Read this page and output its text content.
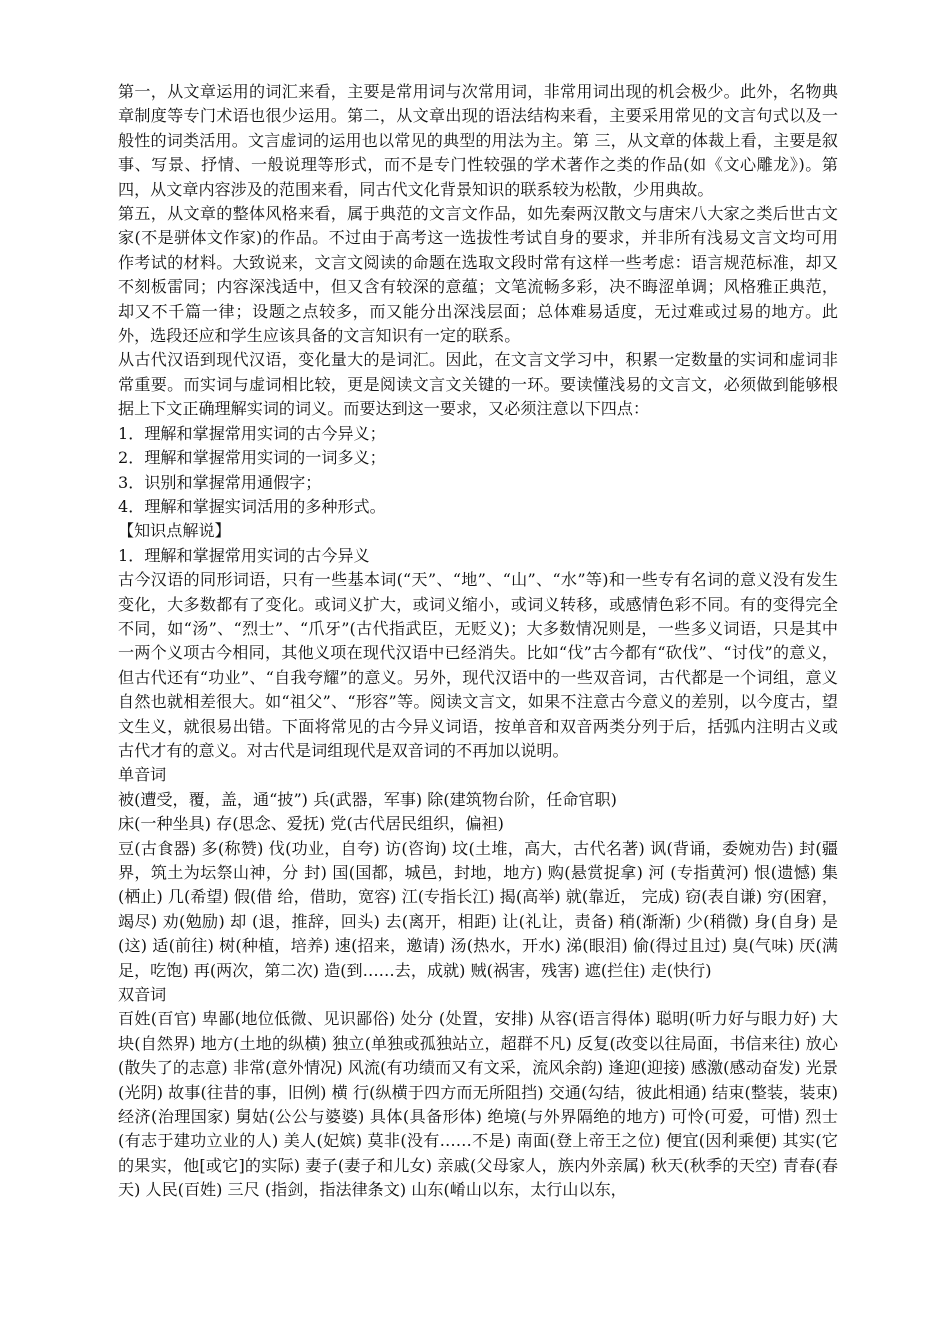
第一，从文章运用的词汇来看，主要是常用词与次常用词，非常用词出现的机会极少。此外，名物典章制度等专门术语也很少运用。第二，从文章出现的语法结构来看，主要采用常见的文言句式以及一般性的词类活用。文言虚词的运用也以常见的典型的用法为主。第 三，从文章的体裁上看，主要是叙事、写景、抒情、一般说理等形式，而不是专门性较强的学术著作之类的作品(如《文心雕龙》)。第四，从文章内容涉及的范围来看，同古代文化背景知识的联系较为松散，少用典故。

第五，从文章的整体风格来看，属于典范的文言文作品，如先秦两汉散文与唐宋八大家之类后世古文家(不是骈体文作家)的作品。不过由于高考这一选拔性考试自身的要求，并非所有浅易文言文均可用作考试的材料。大致说来，文言文阅读的命题在选取文段时常有这样一些考虑：语言规范标准，却又不刻板雷同；内容深浅适中，但又含有较深的意蕴；文笔流畅多彩，决不晦涩单调；风格雅正典范，却又不千篇一律；设题之点较多，而又能分出深浅层面；总体难易适度，无过难或过易的地方。此外，选段还应和学生应该具备的文言知识有一定的联系。

从古代汉语到现代汉语，变化量大的是词汇。因此，在文言文学习中，积累一定数量的实词和虚词非常重要。而实词与虚词相比较，更是阅读文言文关键的一环。要读懂浅易的文言文，必须做到能够根据上下文正确理解实词的词义。而要达到这一要求，又必须注意以下四点：

1．理解和掌握常用实词的古今异义；

2．理解和掌握常用实词的一词多义；

3．识别和掌握常用通假字；

4．理解和掌握实词活用的多种形式。

【知识点解说】

1．理解和掌握常用实词的古今异义

古今汉语的同形词语，只有一些基本词(“天”、“地”、“山”、“水”等)和一些专有名词的意义没有发生变化，大多数都有了变化。或词义扩大，或词义缩小，或词义转移，或感情色彩不同。有的变得完全不同，如“汤”、“烈士”、“爪牙”(古代指武臣，无贬义)；大多数情况则是，一些多义词语，只是其中一两个义项古今相同，其他义项在现代汉语中已经消失。比如“伐”古今都有“砍伐”、“讨伐”的意义，但古代还有“功业”、“自我夸耀”的意义。另外，现代汉语中的一些双音词，古代都是一个词组，意义自然也就相差很大。如“祖父”、“形容”等。阅读文言文，如果不注意古今意义的差别，以今度古，望文生义，就很易出错。下面将常见的古今异义词语，按单音和双音两类分列于后，括弧内注明古义或古代才有的意义。对古代是词组现代是双音词的不再加以说明。

单音词

被(遭受，覆，盖，通“披”) 兵(武器，军事) 除(建筑物台阶，任命官职)

床(一种坐具) 存(思念、爱抚) 党(古代居民组织，偏袒)

豆(古食器) 多(称赞) 伐(功业，自夸) 访(咨询) 坟(土堆，高大，古代名著) 讽(背诵，委婉劝告) 封(疆界，筑土为坛祭山神，分 封) 国(国都，城邑，封地，地方) 购(悬赏捉拿) 河 (专指黄河) 恨(遗憾) 集(栖止) 几(希望) 假(借 给，借助，宽容) 江(专指长江) 揭(高举) 就(靠近， 完成) 窃(表自谦) 穷(困窘，竭尽) 劝(勉励) 却 (退，推辞，回头) 去(离开，相距) 让(礼让，责备) 稍(渐渐) 少(稍微) 身(自身) 是(这) 适(前往) 树(种植，培养) 速(招来，邀请) 汤(热水，开水) 涕(眼泪) 偷(得过且过) 臭(气味) 厌(满足，吃饱) 再(两次，第二次) 造(到……去，成就) 贼(祸害，残害) 遮(拦住) 走(快行)

双音词

百姓(百官) 卑鄙(地位低微、见识鄙俗) 处分 (处置，安排) 从容(语言得体) 聪明(听力好与眼力好) 大块(自然界) 地方(土地的纵横) 独立(单独或孤独站立，超群不凡) 反复(改变以往局面，书信来往) 放心(散失了的志意) 非常(意外情况) 风流(有功绩而又有文采，流风余韵) 逢迎(迎接) 感激(感动奋发) 光景(光阴) 故事(往昔的事，旧例) 横 行(纵横于四方而无所阻挡) 交通(勾结，彼此相通) 结束(整装，装束) 经济(治理国家) 舅姑(公公与婆婆) 具体(具备形体) 绝境(与外界隔绝的地方) 可怜(可爱，可惜) 烈士(有志于建功立业的人) 美人(妃嫔) 莫非(没有……不是) 南面(登上帝王之位) 便宜(因利乘便) 其实(它的果实，他[或它]的实际) 妻子(妻子和儿女) 亲戚(父母家人，族内外亲属) 秋天(秋季的天空) 青春(春天) 人民(百姓) 三尺 (指剑，指法律条文) 山东(崤山以东，太行山以东，
